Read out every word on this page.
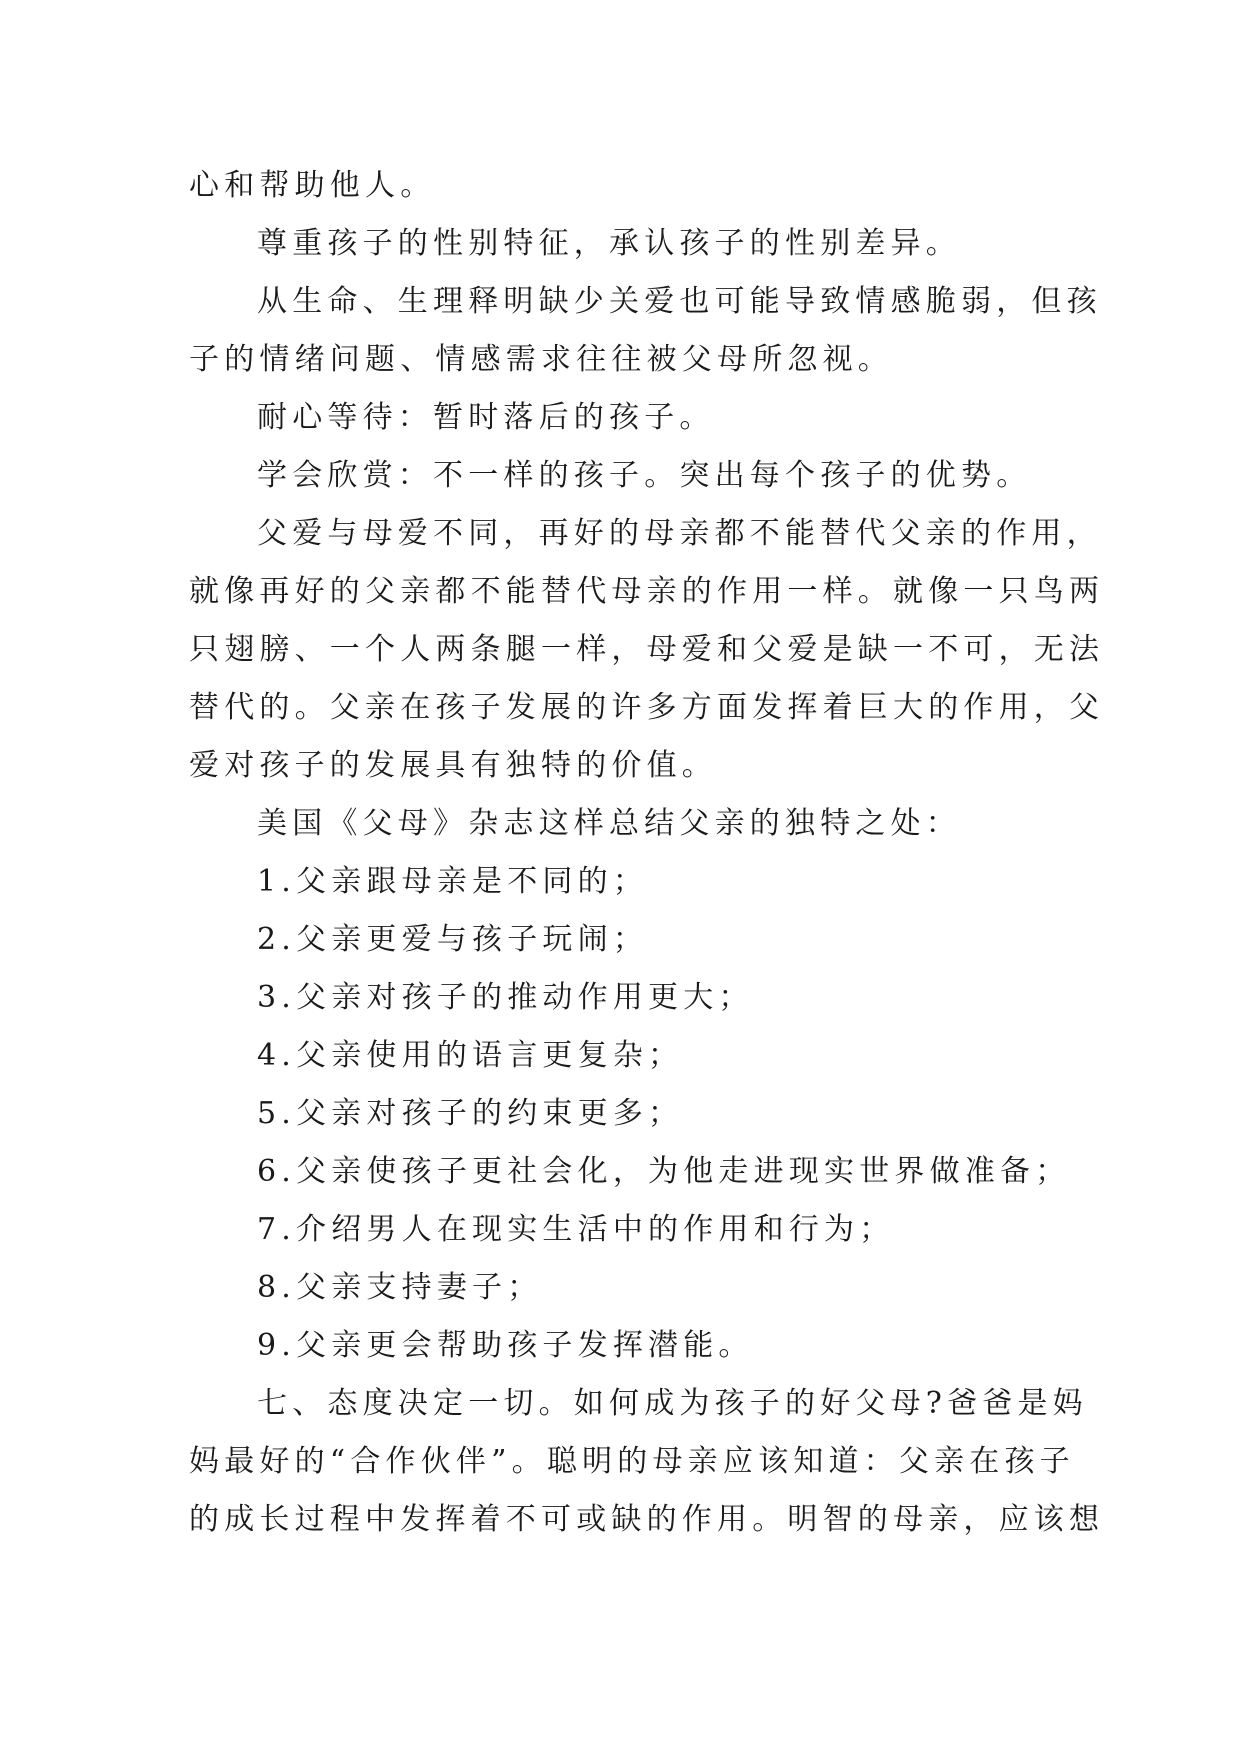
心和帮助他人。
尊重孩子的性别特征，承认孩子的性别差异。
从生命、生理释明缺少关爱也可能导致情感脆弱，但孩
子的情绪问题、情感需求往往被父母所忽视。
耐心等待：暂时落后的孩子。
学会欣赏：不一样的孩子。突出每个孩子的优势。
父爱与母爱不同，再好的母亲都不能替代父亲的作用，
就像再好的父亲都不能替代母亲的作用一样。就像一只鸟两
只翅膀、一个人两条腿一样，母爱和父爱是缺一不可，无法
替代的。父亲在孩子发展的许多方面发挥着巨大的作用，父
爱对孩子的发展具有独特的价值。
美国《父母》杂志这样总结父亲的独特之处：
1.父亲跟母亲是不同的；
2.父亲更爱与孩子玩闹；
3.父亲对孩子的推动作用更大；
4.父亲使用的语言更复杂；
5.父亲对孩子的约束更多；
6.父亲使孩子更社会化，为他走进现实世界做准备；
7.介绍男人在现实生活中的作用和行为；
8.父亲支持妻子；
9.父亲更会帮助孩子发挥潜能。
七、态度决定一切。如何成为孩子的好父母?爸爸是妈
妈最好的“合作伙伴”。聪明的母亲应该知道：父亲在孩子
的成长过程中发挥着不可或缺的作用。明智的母亲，应该想
